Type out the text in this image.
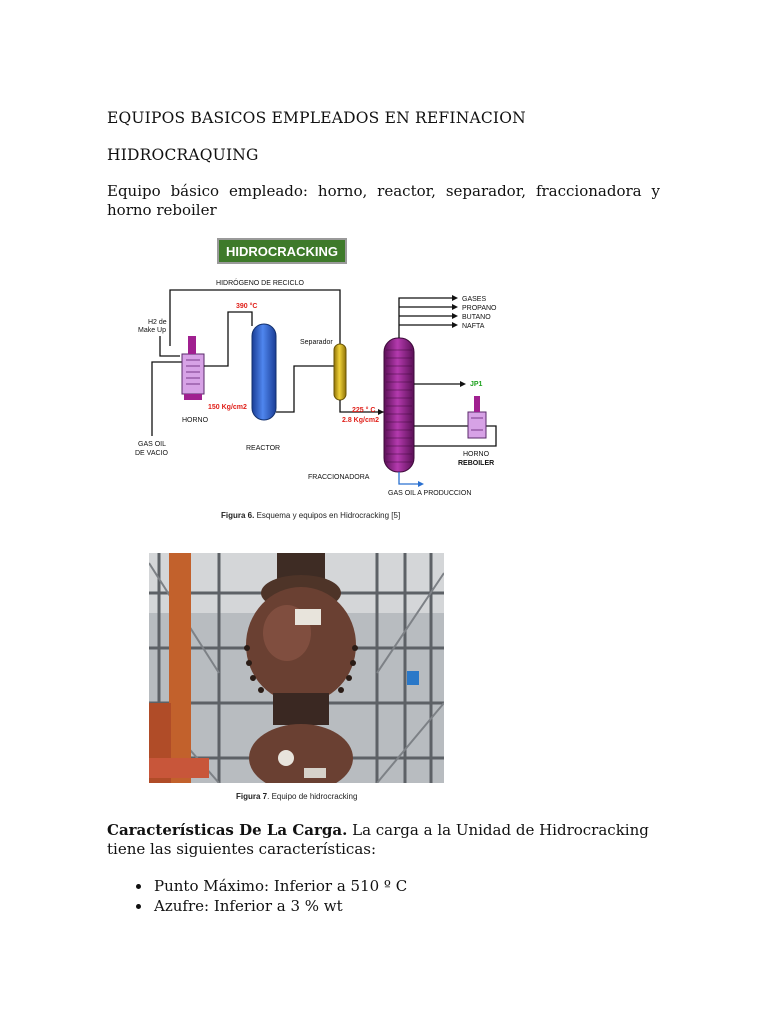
EQUIPOS BASICOS EMPLEADOS EN REFINACION
HIDROCRAQUING
Equipo básico empleado: horno, reactor, separador, fraccionadora y horno reboiler
HIDROCRACKING
HIDRÓGENO DE RECICLO
H2 de
Make Up
GAS OIL
DE VACIO
HORNO
150 Kg/cm2
390 °C
REACTOR
Separador
225 ° C
2.8 Kg/cm2
FRACCIONADORA
GASES
PROPANO
BUTANO
NAFTA
JP1
HORNO
REBOILER
GAS OIL A PRODUCCION
Figura 6. Esquema y equipos en Hidrocracking [5]
Figura 7. Equipo de hidrocracking
Características De La Carga. La carga a la Unidad de Hidrocracking tiene las siguientes características:
• Punto Máximo: Inferior a 510 º C
• Azufre: Inferior a 3 % wt
